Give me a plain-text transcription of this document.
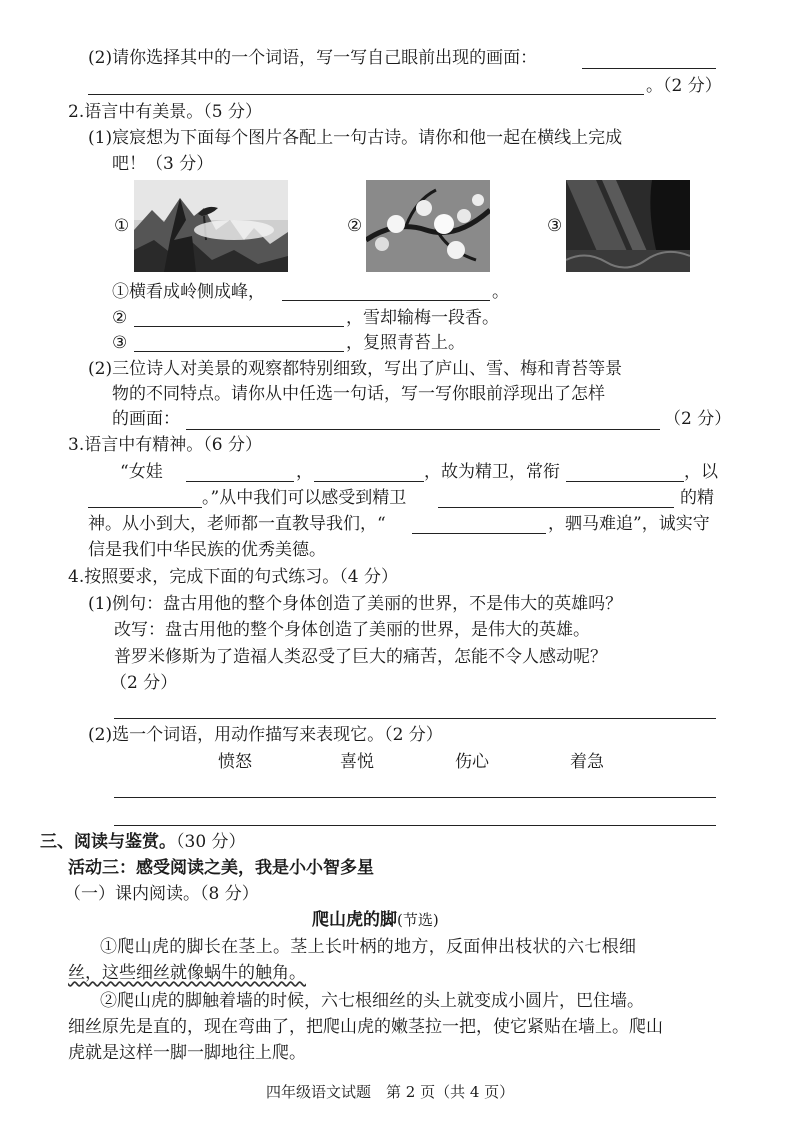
(2)请你选择其中的一个词语，写一写自己眼前出现的画面：
。（2 分）
2.语言中有美景。（5 分）
(1)宸宸想为下面每个图片各配上一句古诗。请你和他一起在横线上完成
吧！（3 分）
①	②	③
①横看成岭侧成峰，	。
②	，雪却输梅一段香。
③	，复照青苔上。
(2)三位诗人对美景的观察都特别细致，写出了庐山、雪、梅和青苔等景
物的不同特点。请你从中任选一句话，写一写你眼前浮现出了怎样
的画面：	（2 分）
3.语言中有精神。（6 分）
“女娃	，	，故为精卫，常衔	，以
。”从中我们可以感受到精卫	的精
神。从小到大，老师都一直教导我们，“	，驷马难追”，诚实守
信是我们中华民族的优秀美德。
4.按照要求，完成下面的句式练习。（4 分）
(1)例句：盘古用他的整个身体创造了美丽的世界，不是伟大的英雄吗？
改写：盘古用他的整个身体创造了美丽的世界，是伟大的英雄。
普罗米修斯为了造福人类忍受了巨大的痛苦，怎能不令人感动呢？
（2 分）
(2)选一个词语，用动作描写来表现它。（2 分）
愤怒	喜悦	伤心	着急
三、阅读与鉴赏。（30 分）
活动三：感受阅读之美，我是小小智多星
（一）课内阅读。（8 分）
爬山虎的脚(节选)
①爬山虎的脚长在茎上。茎上长叶柄的地方，反面伸出枝状的六七根细
丝，这些细丝就像蜗牛的触角。
②爬山虎的脚触着墙的时候，六七根细丝的头上就变成小圆片，巴住墙。
细丝原先是直的，现在弯曲了，把爬山虎的嫩茎拉一把，使它紧贴在墙上。爬山
虎就是这样一脚一脚地往上爬。
四年级语文试题　第 2 页（共 4 页）
